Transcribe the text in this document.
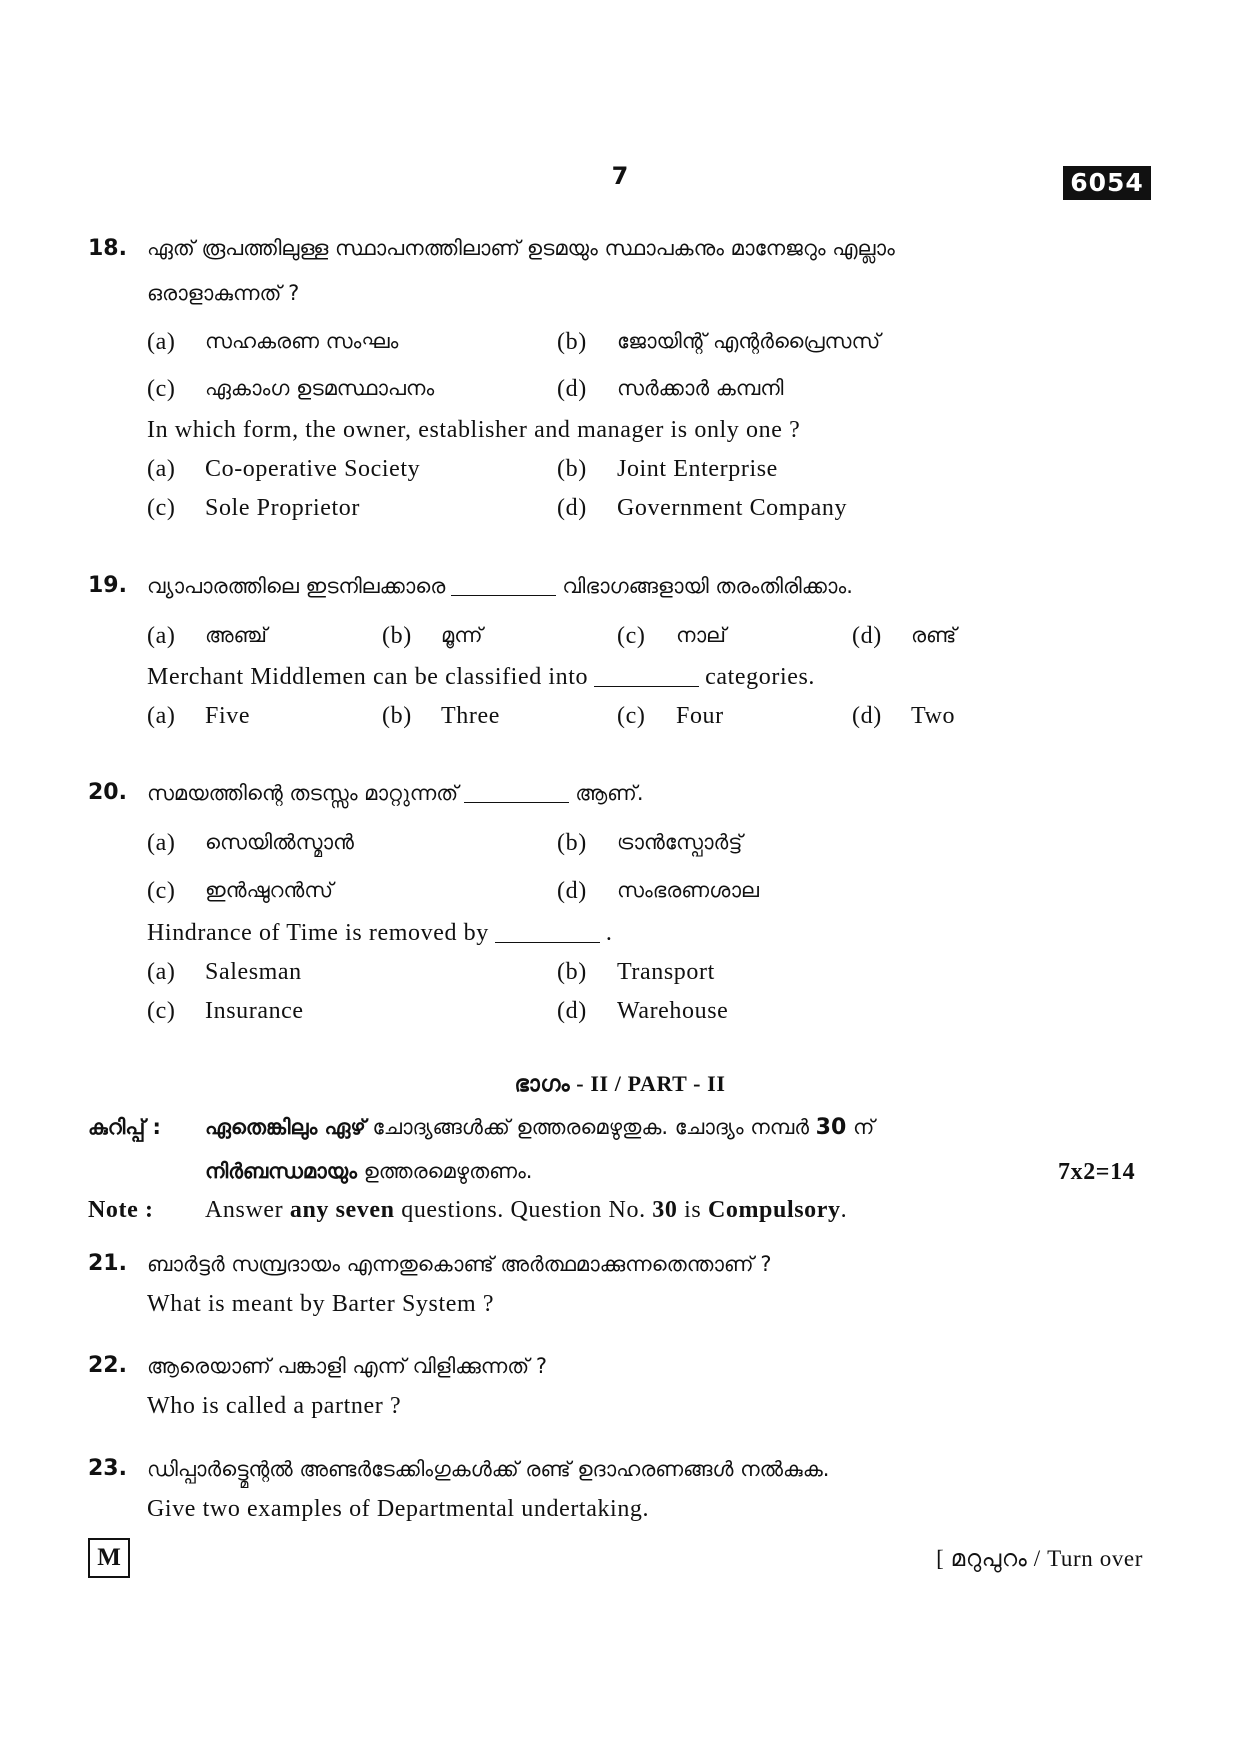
7	6054
18. ഏത് രൂപത്തിലുള്ള സ്ഥാപനത്തിലാണ് ഉടമയും സ്ഥാപകനും മാനേജറും എല്ലാം
ഒരാളാകുന്നത് ?
(a) സഹകരണ സംഘം	(b) ജോയിന്റ് എന്റർപ്രൈസസ്
(c) ഏകാംഗ ഉടമസ്ഥാപനം	(d) സർക്കാർ കമ്പനി
In which form, the owner, establisher and manager is only one ?
(a) Co-operative Society	(b) Joint Enterprise
(c) Sole Proprietor	(d) Government Company
19. വ്യാപാരത്തിലെ ഇടനിലക്കാരെ	വിഭാഗങ്ങളായി തരംതിരിക്കാം.
(a) അഞ്ച്	(b) മൂന്ന്	(c) നാല്	(d) രണ്ട്
Merchant Middlemen can be classified into	categories.
(a) Five	(b) Three	(c) Four	(d) Two
20. സമയത്തിന്റെ തടസ്സം മാറ്റുന്നത്	ആണ്.
(a) സെയിൽസ്മാൻ	(b) ട്രാൻസ്പോർട്ട്
(c) ഇൻഷുറൻസ്	(d) സംഭരണശാല
Hindrance of Time is removed by	.
(a) Salesman	(b) Transport
(c) Insurance	(d) Warehouse
ഭാഗം - II / PART - II
കുറിപ്പ് : ഏതെങ്കിലും ഏഴ് ചോദ്യങ്ങൾക്ക് ഉത്തരമെഴുതുക. ചോദ്യം നമ്പർ 30 ന്
നിർബന്ധമായും ഉത്തരമെഴുതണം.	7x2=14
Note : Answer any seven questions. Question No. 30 is Compulsory.
21. ബാർട്ടർ സമ്പ്രദായം എന്നതുകൊണ്ട് അർത്ഥമാക്കുന്നതെന്താണ് ?
What is meant by Barter System ?
22. ആരെയാണ് പങ്കാളി എന്ന് വിളിക്കുന്നത് ?
Who is called a partner ?
23. ഡിപ്പാർട്ട്മെന്റൽ അണ്ടർടേക്കിംഗുകൾക്ക് രണ്ട് ഉദാഹരണങ്ങൾ നൽകുക.
Give two examples of Departmental undertaking.
M	[ മറുപുറം / Turn over
